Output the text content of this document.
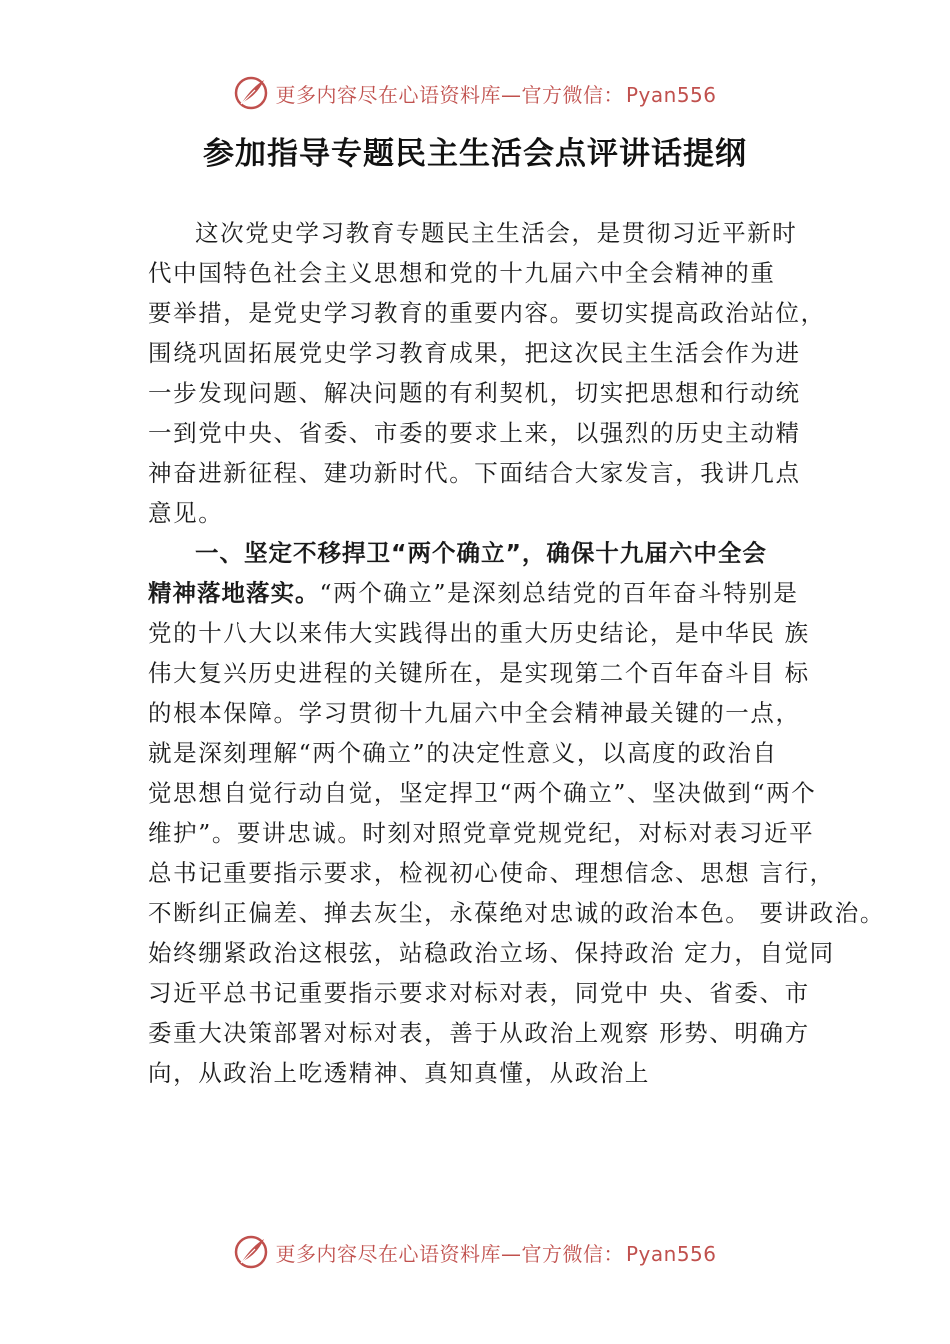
更多内容尽在心语资料库—官方微信： Pyan556
参加指导专题民主生活会点评讲话提纲
这次党史学习教育专题民主生活会，是贯彻习近平新时
代中国特色社会主义思想和党的十九届六中全会精神的重
要举措，是党史学习教育的重要内容。要切实提高政治站位，
围绕巩固拓展党史学习教育成果，把这次民主生活会作为进
一步发现问题、解决问题的有利契机，切实把思想和行动统
一到党中央、省委、市委的要求上来，以强烈的历史主动精
神奋进新征程、建功新时代。下面结合大家发言，我讲几点
意见。
一、坚定不移捍卫“两个确立”，确保十九届六中全会
精神落地落实。“两个确立”是深刻总结党的百年奋斗特别是
党的十八大以来伟大实践得出的重大历史结论，是中华民 族
伟大复兴历史进程的关键所在，是实现第二个百年奋斗目 标
的根本保障。学习贯彻十九届六中全会精神最关键的一点，
就是深刻理解“两个确立”的决定性意义，以高度的政治自
觉思想自觉行动自觉，坚定捍卫“两个确立”、坚决做到“两个
维护”。要讲忠诚。时刻对照党章党规党纪，对标对表习近平
总书记重要指示要求，检视初心使命、理想信念、思想 言行，
不断纠正偏差、掸去灰尘，永葆绝对忠诚的政治本色。 要讲政治。
始终绷紧政治这根弦，站稳政治立场、保持政治 定力，自觉同
习近平总书记重要指示要求对标对表，同党中 央、省委、市
委重大决策部署对标对表，善于从政治上观察 形势、明确方
向，从政治上吃透精神、真知真懂，从政治上
更多内容尽在心语资料库—官方微信： Pyan556
